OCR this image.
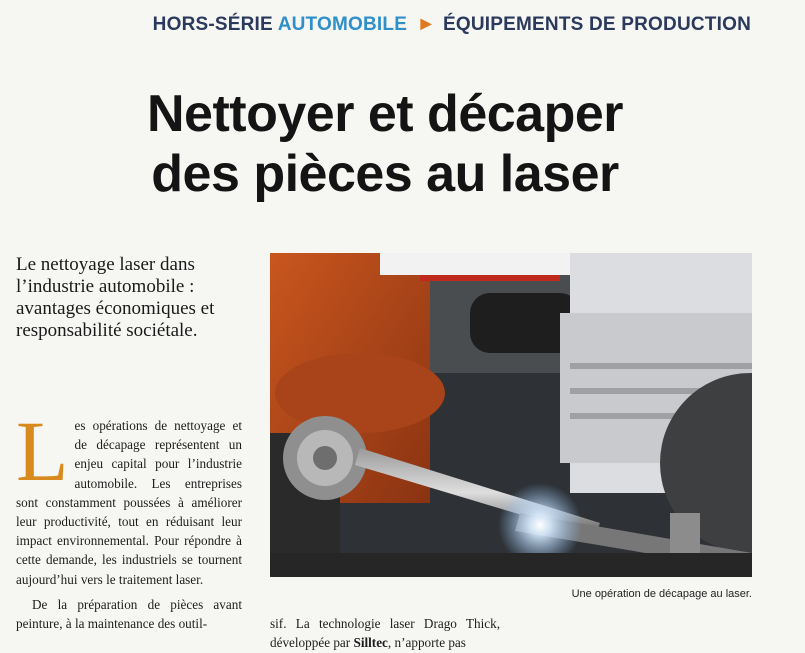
HORS-SÉRIE AUTOMOBILE ▶ ÉQUIPEMENTS DE PRODUCTION
Nettoyer et décaper
des pièces au laser
Le nettoyage laser dans l’industrie automobile : avantages économiques et responsabilité sociétale.
Une opération de décapage au laser.

Les opérations de nettoyage et de décapage représentent un enjeu capital pour l’industrie automobile. Les entreprises sont constamment poussées à améliorer leur productivité, tout en réduisant leur impact environnemental. Pour répondre à cette demande, les industriels se tournent aujourd’hui vers le traitement laser.

De la préparation de pièces avant peinture, à la maintenance des outil-	sif. La technologie laser Drago Thick, développée par Silltec, n’apporte pas
